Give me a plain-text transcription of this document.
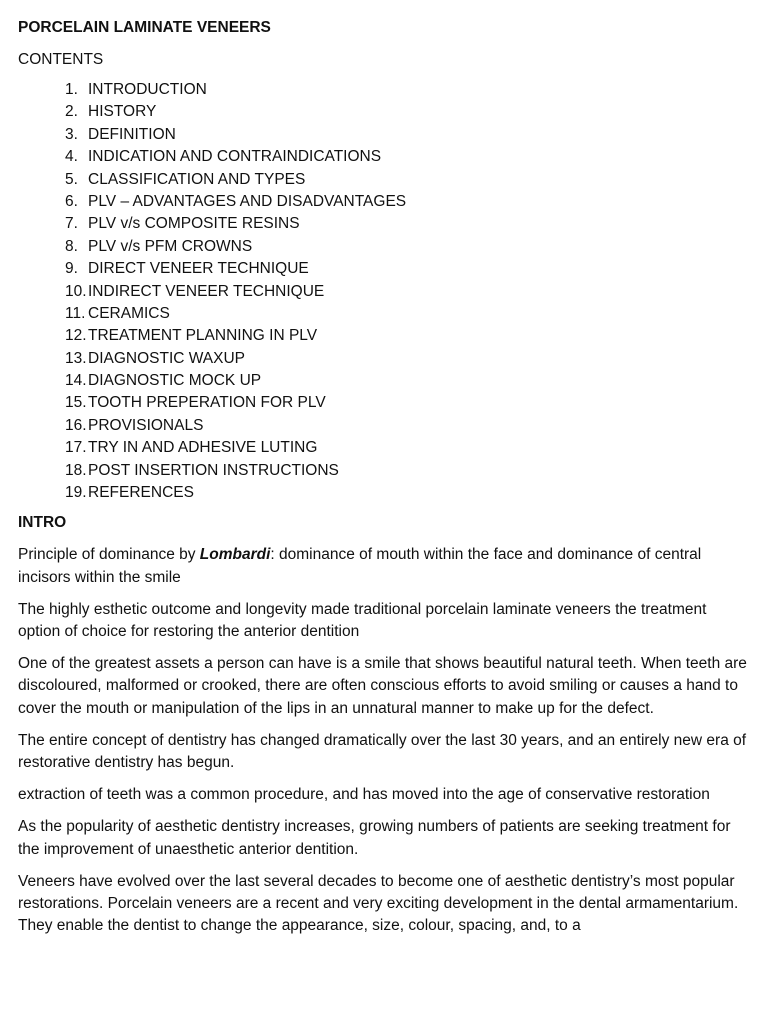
PORCELAIN LAMINATE VENEERS
CONTENTS
1. INTRODUCTION
2. HISTORY
3. DEFINITION
4. INDICATION AND CONTRAINDICATIONS
5. CLASSIFICATION AND TYPES
6. PLV – ADVANTAGES AND DISADVANTAGES
7. PLV v/s COMPOSITE RESINS
8. PLV v/s PFM CROWNS
9. DIRECT VENEER TECHNIQUE
10. INDIRECT VENEER TECHNIQUE
11. CERAMICS
12. TREATMENT PLANNING IN PLV
13. DIAGNOSTIC WAXUP
14. DIAGNOSTIC MOCK UP
15. TOOTH PREPERATION FOR PLV
16. PROVISIONALS
17. TRY IN AND ADHESIVE LUTING
18. POST INSERTION INSTRUCTIONS
19. REFERENCES
INTRO

Principle of dominance by Lombardi: dominance of mouth within the face and dominance of central incisors within the smile

The highly esthetic outcome and longevity made traditional porcelain laminate veneers the treatment option of choice for restoring the anterior dentition

One of the greatest assets a person can have is a smile that shows beautiful natural teeth. When teeth are discoloured, malformed or crooked, there are often conscious efforts to avoid smiling or causes a hand to cover the mouth or manipulation of the lips in an unnatural manner to make up for the defect.

The entire concept of dentistry has changed dramatically over the last 30 years, and an entirely new era of restorative dentistry has begun.

extraction of teeth was a common procedure, and has moved into the age of conservative restoration

As the popularity of aesthetic dentistry increases, growing numbers of patients are seeking treatment for the improvement of unaesthetic anterior dentition.

Veneers have evolved over the last several decades to become one of aesthetic dentistry’s most popular restorations. Porcelain veneers are a recent and very exciting development in the dental armamentarium. They enable the dentist to change the appearance, size, colour, spacing, and, to a
